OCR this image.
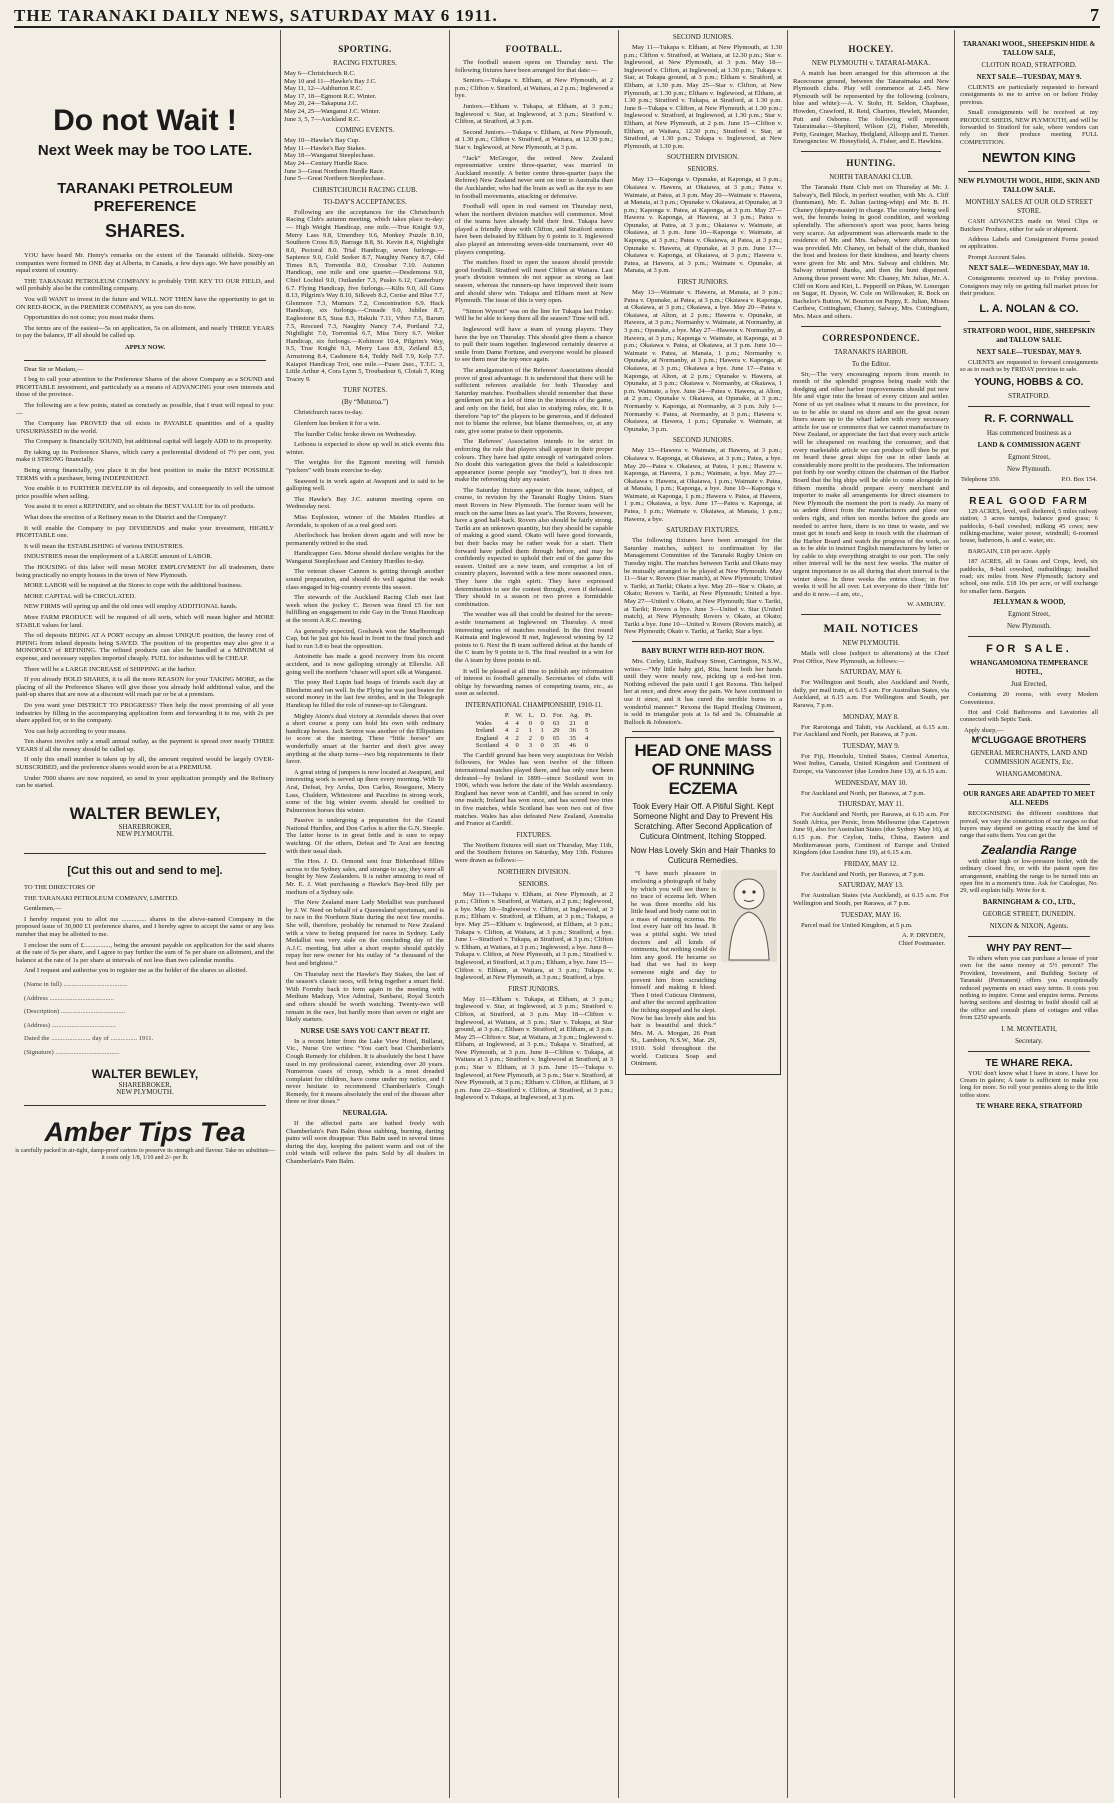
THE TARANAKI DAILY NEWS, SATURDAY MAY 6 1911.	7
Do not Wait !
Next Week may be TOO LATE.
TARANAKI PETROLEUM PREFERENCE
SHARES.

YOU have heard Mr. Henry's remarks on the extent of the Taranaki oilfields. Sixty-one companies were formed in ONE day at Alberta, in Canada, a few days ago. We have possibly an equal extent of country.

THE TARANAKI PETROLEUM COMPANY is probably THE KEY TO OUR FIELD, and will probably also be the controlling company.

You will WANT to invest in the future and WILL NOT THEN have the opportunity to get in ON RED-ROCK, in the PREMIER COMPANY, as you can do now.

Opportunities do not come; you must make them.

The terms are of the easiest—5s on application, 5s on allotment, and nearly THREE YEARS to pay the balance, IF all should be called up.

APPLY NOW.

Dear Sir or Madam,—

I beg to call your attention to the Preference Shares of the above Company as a SOUND and PROFITABLE investment, and particularly as a means of ADVANCING your own interests and those of the province.

The following are a few points, stated as concisely as possible, that I trust will repeal to you:—

The Company has PROVED that oil exists in PAYABLE quantities and of a quality UNSURPASSED in the world.

The Company is financially SOUND, but additional capital will largely ADD to its prosperity.

By taking up its Preference Shares, which carry a preferential dividend of 7½ per cent, you make it STRONG financially.

Being strong financially, you place it in the best position to make the BEST POSSIBLE TERMS with a purchaser, being INDEPENDENT.

You enable it to FURTHER DEVELOP its oil deposits, and consequently to sell the utmost price possible when selling.

You assist it to erect a REFINERY, and so obtain the BEST VALUE for its oil products.

What does the erection of a Refinery mean to the District and the Company?

It will enable the Company to pay DIVIDENDS and make your investment, HIGHLY PROFITABLE one.

It will mean the ESTABLISHING of various INDUSTRIES.

INDUSTRIES mean the employment of a LARGE amount of LABOR.

The HOUSING of this labor will mean MORE EMPLOYMENT for all tradesmen, there being practically no empty houses in the town of New Plymouth.

MORE LABOR will be required at the Stores to cope with the additional business.

MORE CAPITAL will be CIRCULATED.

NEW FIRMS will spring up and the old ones will employ ADDITIONAL hands.

More FARM PRODUCE will be required of all sorts, which will mean higher and MORE STABLE values for land.

The oil deposits BEING AT A PORT occupy an almost UNIQUE position, the heavy cost of PIPING from inland deposits being SAVED. The position of its properties may also give it a MONOPOLY of REFINING. The refined products can also be handled at a MINIMUM of expense, and necessary supplies imported cheaply. FUEL for industries will be CHEAP.

There will be a LARGE INCREASE of SHIPPING at the harbor.

If you already HOLD SHARES, it is all the more REASON for your TAKING MORE, as the placing of all the Preference Shares will give those you already hold additional value, and the paid-up shares that are now at a discount will reach par or be at a premium.

Do you want your DISTRICT TO PROGRESS? Then help the most promising of all your industries by filling in the accompanying application form and forwarding it to me, with 2s per share applied for, or to the company.

You can help according to your means.

Ten shares involve only a small annual outlay, as the payment is spread over nearly THREE YEARS if all the money should be called up.

If only this small number is taken up by all, the amount required would be largely OVER-SUBSCRIBED, and the preference shares would soon be at a PREMIUM.

Under 7000 shares are now required, so send in your application promptly and the Refinery can be started.

WALTER BEWLEY,
SHAREBROKER,
NEW PLYMOUTH.
[Cut this out and send to me].

TO THE DIRECTORS OF

THE TARANAKI PETROLEUM COMPANY, LIMITED.

Gentlemen,—

I hereby request you to allot me ............... shares in the above-named Company in the proposed issue of 30,000 £1 preference shares, and I hereby agree to accept the same or any less number that may be allotted to me.

I enclose the sum of £................, being the amount payable on application for the said shares at the rate of 5s per share, and I agree to pay further the sum of 5s per share on allotment, and the balance at the rate of 1s per share at intervals of not less than two calendar months.

And I request and authorise you to register me as the holder of the shares so allotted.

(Name in full) .......................................

(Address .......................................

(Description) .......................................

(Address) .......................................

Dated the ........................ day of ................ 1911.

(Signature) .......................................

WALTER BEWLEY,
SHAREBROKER,
NEW PLYMOUTH.
Amber Tips Tea
is carefully packed in air-tight, damp-proof cartons to preserve its strength and flavour. Take no substitute—it costs only 1/8, 1/10 and 2/- per lb.
SPORTING.
RACING FIXTURES.
May 6—Christchurch R.C.
May 10 and 11—Hawke's Bay J.C.
May 11, 12—Ashburton R.C.
May 17, 18—Egmont R.C. Winter.
May 20, 24—Takapuna J.C.
May 24, 25—Wanganui J.C. Winter.
June 3, 5, 7—Auckland R.C.
COMING EVENTS.
May 10—Hawke's Bay Cup.
May 11—Hawke's Bay Stakes.
May 18—Wanganui Steeplechase.
May 24—Century Hurdle Race.
June 3—Great Northern Hurdle Race.
June 5—Great Northern Steeplechase.
CHRISTCHURCH RACING CLUB.
TO-DAY'S ACCEPTANCES.

Following are the acceptances for the Christchurch Racing Club's autumn meeting, which takes place to-day:— High Weight Handicap, one mile.—True Knight 9.9, Merry Lass 9.8, Umentbey 9.6, Monkey Puzzle 8.10, Southern Cross 8.9, Barrage 8.8, St. Kevin 8.4, Nightlight 8.0, Pectoral 8.0. Trial Handicap, seven furlongs.—Sapience 9.0, Cold Seeker 8.7, Naughty Nancy 8.7, Old Times 8.5, Torrentila 8.0, Crossbar 7.10. Autumn Handicap, one mile and one quarter.—Desdemona 9.0, Chief Lochiel 9.0, Outlander 7.3, Pusko 6.12, Canterbury 6.7. Flying Handicap, five furlongs.—Kilts 9.0, All Guns 8.13, Pilgrim's Way 8.10, Silkweb 8.2, Cerise and Blue 7.7, Glenmore 7.3, Mumurs 7.2, Concentration 6.9. Hack Handicap, six furlongs.—Crusade 9.0, Jubilee 8.7, Eaglestone 8.5, Susa 8.3, Hakulu 7.11, Vibro 7.5, Barum 7.5, Rescued 7.3, Naughty Nancy 7.4, Portland 7.2, Nightlight 7.0, Torrential 6.7, Miss Terry 6.7. Welter Handicap, six furlongs.—Kohinoor 10.4, Pilgrim's Way, 9.5, True Knight 9.3, Merry Lass 8.9, Zeiland 8.5, Armstrong 8.4, Cashmere 8.4, Teddy Nell 7.9, Kelp 7.7. Kaiapoi Handicap Trot, one mile.—Fusee 2sec., T.T.C. 3, Little Arthur 4, Cora Lynn 5, Troubadour 6, Clotah 7, King Tracey 9.

TURF NOTES.
(By “Muturoa.”)

Christchurch races to-day.

Glenfern has broken it for a win.

The hurdler Celtic broke down on Wednesday.

Leibonu is expected to show up well in stick events this winter.

The weights for the Egmont meeting will furnish “pickers” with brain exercise to-day.

Seaweed is in work again at Awapuni and is said to be galloping well.

The Hawke's Bay J.C. autumn meeting opens on Wednesday next.

Miss Explosion, winner of the Maiden Hurdles at Avondale, is spoken of as a real good sort.

Aberlochock has broken down again and will now be permanently retired to the stud.

Handicapper Geo. Morse should declare weights for the Wanganui Steeplechase and Century Hurdles to-day.

The veteran chaser Cannon is getting through another sound preparation, and should do well against the weak class engaged in big-country events this season.

The stewards of the Auckland Racing Club met last week when the jockey C. Brown was fined £5 for not fulfilling an engagement to ride Gay in the Tonui Handicap at the recent A.R.C. meeting.

As generally expected, Goshawk won the Marlborough Cup, but he just got his head in front in the final pinch and had to run 3.8 to beat the opposition.

Antoinette has made a good recovery from his recent accident, and is now galloping strongly at Ellerslie. All going well the northern ‘chaser will sport silk at Wanganui.

The pony Red Lupin had heaps of friends each day at Blenheim and ran well. In the Flying he was just beaten for second money in the last few strides, and in the Telegraph Handicap he filled the role of runner-up to Glengrant.

Mighty Atom's dual victory at Avondale shows that over a short course a pony can hold his own with ordinary handicap horses. Jack Sexton was another of the Ellipsitans to score at the meeting. These “little horses” are wonderfully smart at the barrier and don't give away anything at the sharp turns—two big requirements in their favor.

A great string of jumpers is now located at Awapuni, and interesting work is served up there every morning. With Te Arai, Defeat, Ivy Aroha, Don Carlos, Roseguere, Merry Lass, Chaldern, Whitestone and Pacelino in strong work, some of the big winter events should be credited to Palmerston horses this winter.

Passive is undergoing a preparation for the Grand National Hurdles, and Don Carlos is after the G.N. Steeple. The latter horse is in great fettle and is sure to repay watching. Of the others, Defeat and Te Arai are fencing with their usual dash.

The Hon. J. D. Ormond sent four Birkenhead fillies across to the Sydney sales, and strange to say, they were all bought by New Zealanders. It is rather amusing to read of Mr. E. J. Watt purchasing a Hawke's Bay-bred filly per medium of a Sydney sale.

The New Zealand mare Lady Medallist was purchased by J. W. Need on behalf of a Queensland sportsman, and is to race in the Northern State during the next few months. She will, therefore, probably be returned to New Zealand with a view to being prepared for races in Sydney. Lady Medallist was very stale on the concluding day of the A.J.C. meeting, but after a short respite should quickly repay her new owner for his outlay of “a thousand of the best and brightest.”

On Thursday next the Hawke's Bay Stakes, the last of the season's classic races, will bring together a smart field. With Formby back to form again in the meeting with Medium Madcap, Vice Admiral, Sunbarst, Royal Scotch and others should be worth watching. Twenty-two will remain in the race, but hardly more than seven or eight are likely starters.

NURSE USE SAYS YOU CAN'T BEAT IT.

In a recent letter from the Lake View Hotel, Bullarat, Vic., Nurse Ure writes: “You can't beat Chamberlain's Cough Remedy for children. It is absolutely the best I have used in my professional career, extending over 20 years. Numerous cases of croup, which is a most dreaded complaint for children, have come under my notice, and I never hesitate to recommend Chamberlain's Cough Remedy, for it means absolutely the end of the disease after three or four doses.”

NEURALGIA.

If the affected parts are bathed freely with Chamberlain's Pain Balm those stabbing, burning, darting pains will soon disappear. This Balm used in several times during the day, keeping the patient warm and out of the cold winds will relieve the pain. Sold by all dealers in Chamberlain's Pain Balm.

FOOTBALL.

The football season opens on Thursday next. The following fixtures have been arranged for that date:—

Seniors.—Tukapa v. Eltham, at New Plymouth, at 2 p.m.; Clifton v. Stratford, at Waitara, at 2 p.m.; Inglewood a bye.

Juniors.—Eltham v. Tukapa, at Eltham, at 3 p.m.; Inglewood v. Star, at Inglewood, at 3 p.m.; Stratford v. Clifton, at Stratford, at 3 p.m.

Second Juniors.—Tukapa v. Eltham, at New Plymouth, at 1.30 p.m.; Clifton v. Stratford, at Waitara, at 12.30 p.m.; Star v. Inglewood, at New Plymouth, at 3 p.m.

“Jack” McGregor, the retired New Zealand representative centre three-quarter, was married in Auckland recently. A better centre three-quarter (says the Referee) New Zealand never sent on tour to Australia than the Aucklander, who had the brain as well as the eye to see in football movements, attacking or defensive.

Football will open in real earnest on Thursday next, when the northern division matches will commence. Most of the teams have already held their first. Tukapa have played a friendly draw with Clifton, and Stratford seniors have been defeated by Eltham by 6 points to 3. Inglewood also played an interesting seven-side tournament, over 40 players competing.

The matches fixed to open the season should provide good football. Stratford will meet Clifton at Waitara. Last year's division winners do not appear as strong as last season, whereas the runners-up have improved their team and should show win. Tukapa and Eltham meet at New Plymouth. The issue of this is very open.

“Simon Wynott” was on the line for Tukapa last Friday. Will he be able to keep there all the season? Time will tell.

Inglewood will have a team of young players. They have the bye on Thursday. This should give them a chance to pull their team together. Inglewood certainly deserve a smile from Dame Fortune, and everyone would be pleased to see them near the top once again.

The amalgamation of the Referees' Associations should prove of great advantage. It is understood that there will be sufficient referees available for both Thursday and Saturday matches. Footballers should remember that these gentlemen put in a lot of time in the interests of the game, and only on the field, but also in studying rules, etc. It is therefore “up to” the players to be generous, and if defeated not to blame the referee, but blame themselves, or, at any rate, give some praise to their opponents.

The Referees' Association intends to be strict in enforcing the rule that players shall appear in their proper colours. They have had quite enough of variegated colors. No doubt this variegation gives the field a kaleidoscopic appearance (some people say “motley”), but it does not make the refereeing duty any easier.

The Saturday fixtures appear in this issue, subject, of course, to revision by the Taranaki Rugby Union. Stars meet Rovers in New Plymouth. The former team will be much on the same lines as last year's. The Rovers, however, have a good half-back. Rovers also should be fairly strong. Tariki are an unknown quantity, but they should be capable of making a good stand. Okato will have good forwards, but their backs may be rather weak for a start. Their forward have pulled them through before, and may be confidently expected to uphold their end of the game this season. United are a new team, and comprise a lot of country players, leavened with a few more seasoned ones. They have the right spirit. They have expressed determination to see the contest through, even if defeated. They should in a season or two prove a formidable combination.

The weather was all that could be desired for the seven-a-side tournament at Inglewood on Thursday. A most interesting series of matches resulted. In the first round Kaimata and Inglewood B met, Inglewood winning by 12 points to 6. Next the B team suffered defeat at the hands of the C team by 9 points to 6. The final resulted in a win for the A team by three points to nil.

It will be pleased at all time to publish any information of interest to football generally. Secretaries of clubs will oblige by forwarding names of competing teams, etc., as soon as selected.

INTERNATIONAL CHAMPIONSHIP, 1910-11.
	P.	W.	L.	D.	For.	Ag.	Pt.
Wales	4	4	0	0	63	21	8
Ireland	4	2	1	1	29	36	5
England	4	2	2	0	65	35	4
Scotland	4	0	3	0	35	46	0

The Cardiff ground has been very auspicious for Welsh followers, for Wales has won twelve of the fifteen international matches played there, and has only once been defeated—by Ireland in 1899—since Scotland won in 1906, which was before the date of the Welsh ascendancy. England has never won at Cardiff, and has scored in only one match; Ireland has won once, and has scored two tries in five matches, while Scotland has won two out of five matches. Wales has also defeated New Zealand, Australia and France at Cardiff.

FIXTURES.

The Northern fixtures will start on Thursday, May 11th, and the Southern fixtures on Saturday, May 13th. Fixtures were drawn as follows:—

NORTHERN DIVISION.
SENIORS.

May 11—Tukapa v. Eltham, at New Plymouth, at 2 p.m.; Clifton v. Stratford, at Waitara, at 2 p.m.; Inglewood, a bye. May 18—Inglewood v. Clifton, at Inglewood, at 3 p.m.; Eltham v. Stratford, at Eltham, at 3 p.m.; Tukapa, a bye. May 25—Eltham v. Inglewood, at Eltham, at 3 p.m.; Tukapa v. Clifton, at Waitara, at 3 p.m.; Stratford, a bye. June 1—Stratford v. Tukapa, at Stratford, at 3 p.m.; Clifton v. Eltham, at Waitara, at 3 p.m.; Inglewood, a bye. June 8—Tukapa v. Clifton, at New Plymouth, at 3 p.m.; Stratford v. Inglewood, at Stratford, at 3 p.m.; Eltham, a bye. June 15—Clifton v. Eltham, at Waitara, at 3 p.m.; Tukapa v. Inglewood, at New Plymouth, at 3 p.m.; Stratford, a bye.

FIRST JUNIORS.

May 11—Eltham v. Tukapa, at Eltham, at 3 p.m.; Inglewood v. Star, at Inglewood, at 3 p.m.; Stratford v. Clifton, at Stratford, at 3 p.m. May 18—Clifton v. Inglewood, at Waitara, at 3 p.m.; Star v. Tukapa, at Star ground, at 3 p.m.; Eltham v. Stratford, at Eltham, at 3 p.m. May 25—Clifton v. Star, at Waitara, at 3 p.m.; Inglewood v. Eltham, at Inglewood, at 3 p.m.; Tukapa v. Stratford, at New Plymouth, at 3 p.m. June 8—Clifton v. Tukapa, at Waitara at 3 p.m.; Stratford v. Inglewood at Stratford, at 3 p.m.; Star v. Eltham, at 3 p.m. June 15—Tukapa v. Inglewood, at New Plymouth, at 3 p.m.; Star v. Stratford, at New Plymouth, at 3 p.m.; Eltham v. Clifton, at Eltham, at 3 p.m. June 22—Stratford v. Clifton, at Stratford, at 3 p.m.; Inglewood v. Tukapa, at Inglewood, at 3 p.m.

SECOND JUNIORS.

May 11—Tukapa v. Eltham, at New Plymouth, at 1.30 p.m.; Clifton v. Stratford, at Waitara, at 12.30 p.m.; Star v. Inglewood, at New Plymouth, at 3 p.m. May 18—Inglewood v. Clifton, at Inglewood, at 1.30 p.m.; Tukapa v. Star, at Tukapa ground, at 3 p.m.; Eltham v. Stratford, at Eltham, at 1.30 p.m. May 25—Star v. Clifton, at New Plymouth, at 1.30 p.m.; Eltham v. Inglewood, at Eltham, at 1.30 p.m.; Stratford v. Tukapa, at Stratford, at 1.30 p.m. June 8—Tukapa v. Clifton, at New Plymouth, at 1.30 p.m.; Inglewood v. Stratford, at Inglewood, at 1.30 p.m.; Star v. Eltham, at New Plymouth, at 2 p.m. June 15—Clifton v. Eltham, at Waitara, 12.30 p.m.; Stratford v. Star, at Stratford, at 1.30 p.m.; Tukapa v. Inglewood, at New Plymouth, at 1.30 p.m.

SOUTHERN DIVISION.
SENIORS.

May 13—Kaponga v. Opunake, at Kaponga, at 3 p.m.; Okaiawa v. Hawera, at Okaiawa, at 3 p.m.; Patea v. Waimate, at Patea, at 3 p.m. May 20—Waimate v. Hawera, at Manaia, at 3 p.m.; Opunake v. Okaiawa, at Opunake, at 3 p.m.; Kaponga v. Patea, at Kaponga, at 3 p.m. May 27—Hawera v. Kaponga, at Hawera, at 3 p.m.; Patea v. Opunake, at Patea, at 3 p.m.; Okaiawa v. Waimate, at Okaiawa, at 3 p.m. June 10—Kaponga v. Waimate, at Kaponga, at 3 p.m.; Patea v. Okaiawa, at Patea, at 3 p.m.; Opunake v. Hawera, at Opunake, at 3 p.m. June 17—Okaiawa v. Kaponga, at Okaiawa, at 3 p.m.; Hawera v. Patea, at Hawera, at 3 p.m.; Waimate v. Opunake, at Manaia, at 3 p.m.

FIRST JUNIORS.

May 13—Waimate v. Hawera, at Manaia, at 3 p.m.; Patea v. Opunake, at Patea, at 3 p.m.; Okaiawa v. Kaponga, at Okaiawa, at 3 p.m.; Okaiawa, a bye. May 20—Patea v. Okaiawa, at Alton, at 2 p.m.; Hawera v. Opunake, at Hawera, at 3 p.m.; Normanby v. Waimate, at Normanby, at 3 p.m.; Opunake, a bye. May 27—Hawera v. Normanby, at Hawera, at 3 p.m.; Kaponga v. Waimate, at Kaponga, at 3 p.m.; Okaiawa v. Patea, at Okaiawa, at 3 p.m. June 10—Waimate v. Patea, at Manaia, 1 p.m.; Normanby v. Opunake, at Normanby, at 3 p.m.; Hawera v. Kaponga, at Okaiawa, at 3 p.m.; Okaiawa a bye. June 17—Patea v. Kaponga, at Alton, at 2 p.m.; Opunake v. Hawera, at Opunake, at 3 p.m.; Okaiawa v. Normanby, at Okaiawa, 1 p.m. Waimate, a bye. June 24—Patea v. Hawera, at Alton, at 2 p.m.; Opunake v. Okaiawa, at Opunake, at 3 p.m.; Normanby v. Kaponga, at Normanby, at 3 p.m. July 1—Normanby v. Patea, at Normanby, at 3 p.m.; Hawera v. Okaiawa, at Hawera, 1 p.m.; Opunake v. Waimate, at Opunake, 3 p.m.

SECOND JUNIORS.

May 13—Hawera v. Waimate, at Hawera, at 3 p.m.; Okaiawa v. Kaponga, at Okaiawa, at 3 p.m.; Patea, a bye. May 20—Patea v. Okaiawa, at Patea, 1 p.m.; Hawera v. Kaponga, at Hawera, 1 p.m.; Waimate, a bye. May 27—Okaiawa v. Hawera, at Okaiawa, 1 p.m.; Waimate v. Patea, at Manaia, 1 p.m.; Kaponga, a bye. June 10—Kaponga v. Waimate, at Kaponga, 1 p.m.; Hawera v. Patea, at Hawera, 1 p.m.; Okaiawa, a bye. June 17—Patea v. Kaponga, at Patea, 1 p.m.; Waimate v. Okaiawa, at Manaia, 1 p.m.; Hawera, a bye.

SATURDAY FIXTURES.

The following fixtures have been arranged for the Saturday matches, subject to confirmation by the Management Committee of the Taranaki Rugby Union on Tuesday night. The matches between Tariki and Okato may be mutually arranged to be played at New Plymouth. May 11—Star v. Rovers (Star match), at New Plymouth; United v. Tariki, at Tariki; Okato a bye. May 20—Star v. Okato, at Okato; Rovers v. Tariki, at New Plymouth; United a bye. May 27—United v. Okato, at New Plymouth; Star v. Tariki, at Tariki; Rovers a bye. June 3—United v. Star (United match), at New Plymouth; Rovers v. Okato, at Okato; Tariki a bye. June 10—United v. Rovers (Rovers match), at New Plymouth; Okato v. Tariki, at Tariki; Star a bye.

BABY BURNT WITH RED-HOT IRON.

Mrs. Corley, Little, Railway Street, Carrington, N.S.W., writes:—“My little baby girl, Rita, burnt both her hands until they were nearly raw, picking up a red-hot iron. Nothing relieved the pain until I got Rexona. This helped her at once, and drew away the pain. We have continued to use it since, and it has cured the terrible burns in a wonderful manner.” Rexona the Rapid Healing Ointment, is sold in triangular pots at 1s 6d and 3s. Obtainable at Bullock & Johnston's.

HEAD ONE MASS OF RUNNING ECZEMA
Took Every Hair Off. A Pitiful Sight. Kept Someone Night and Day to Prevent His Scratching. After Second Application of Cuticura Ointment, Itching Stopped.
Now Has Lovely Skin and Hair Thanks to Cuticura Remedies.

“I have much pleasure in enclosing a photograph of baby by which you will see there is no trace of eczema left. When he was three months old his little head and body came out in a mass of running eczema. He lost every hair off his head. It was a pitiful sight. We tried doctors and all kinds of ointments, but nothing could do him any good. He became so bad that we had to keep someone night and day to prevent him from scratching himself and making it bleed. Then I tried Cuticura Ointment, and after the second application the itching stopped and he slept. Now he has lovely skin and his hair is beautiful and thick.” Mrs. M. A. Morgan, 26 Pratt St., Lambton, N.S.W., Mar. 29, 1910. Sold throughout the world. Cuticura Soap and Ointment.

HOCKEY.
NEW PLYMOUTH v. TATARAI-MAKA.

A match has been arranged for this afternoon at the Racecourse ground, between the Tataraimaka and New Plymouth clubs. Play will commence at 2.45. New Plymouth will be represented by the following (colours, blue and white):—A. V. Stohr, H. Seldon, Chapbase, Howden, Crawford, R. Reid, Chartres, Hewlett, Maunder, Putt and Osborne. The following will represent Tataraimaka:—Shepherd, Wilson (2), Fisher, Meredith, Petty, Grainger, Mackay, Hedgland, Allsopp and E. Turner. Emergencies: W. Honeyfield, A. Fisher, and E. Hawkins.

HUNTING.
NORTH TARANAKI CLUB.

The Taranaki Hunt Club met on Thursday at Mr. J. Salway's, Bell Block, in perfect weather, with Mr. A. Cliff (huntsman), Mr. E. Julian (acting-whip) and Mr. B. H. Chaney (deputy-master) in charge. The country being well wet, the hounds being in good condition, and working splendidly. The afternoon's sport was poor, hares being very scarce. An adjournment was afterwards made to the residence of Mr. and Mrs. Salway, where afternoon tea was provided. Mr. Chaney, on behalf of the club, thanked the host and hostess for their kindness, and hearty cheers were given for Mr. and Mrs. Salway and children. Mr. Salway returned thanks, and then the hunt dispersed. Among those present were: Mr. Chaney, Mr. Julian, Mr. A. Cliff on Koru and Kiri, L. Pepperill on Pikau, W. Lonergan on Sugar, H. Dyson, W. Cole on Willowaker, R. Bock on Bachelor's Button, W. Bourton on Puppy, E. Julian, Misses Carthew, Cottingham, Chaney, Salway, Mrs. Cottingham, Mrs. Mace and others.

CORRESPONDENCE.
TARANAKI'S HARBOR.
To the Editor.

Sir,—The very encouraging reports from month to month of the splendid progress being made with the dredging and other harbor improvements should put new life and vigor into the breast of every citizen and settler. None of us yet realises what it means to the province, for us to be able to stand on shore and see the great ocean liners steam up to the wharf laden with every necessary article for use or commerce that we cannot manufacture in New Zealand, or appreciate the fact that every such article will be cheapened on reaching the consumer, and that every marketable article we can produce will then be put on board these great ships for use in other lands at considerably more profit to the producers. The information put forth by our worthy citizen the chairman of the Harbor Board that the big ships will be able to come alongside in fifteen months should prepare every merchant and importer to make all arrangements for direct steamers to New Plymouth the moment the port is ready. As many of us ardent direct from the manufacturers and place our orders right, and often ten months before the goods are needed to arrive here, there is no time to waste, and we must get in touch and keep in touch with the chairman of the Harbor Board and watch the progress of the work, so as to be able to instruct English manufacturers by letter or by cable to ship everything straight to our port. The only other interval will be the next few weeks. The matter of urgent importance to us all during that short interval is the winter show. In three weeks the entries close; in five weeks it will be all over. Let everyone do their ‘little bit’ and do it now.—I am, etc.,

W. AMBURY.
MAIL NOTICES
NEW PLYMOUTH.

Mails will close (subject to alterations) at the Chief Post Office, New Plymouth, as follows:—

SATURDAY, MAY 6.

For Wellington and South, also Auckland and North, daily, per mail train, at 6.15 a.m. For Australian States, via Auckland, at 6.15 a.m. For Wellington and South, per Rarawa, 7 p.m.

MONDAY, MAY 8.

For Rarotonga and Tahiti, via Auckland, at 6.15 a.m. For Auckland and North, per Rarawa, at 7 p.m.

TUESDAY, MAY 9.

For Fiji, Honolulu, United States, Central America, West Indies, Canada, United Kingdom and Continent of Europe, via Vancouver (due London June 13), at 6.15 a.m.

WEDNESDAY, MAY 10.

For Auckland and North, per Rarawa, at 7 p.m.

THURSDAY, MAY 11.

For Auckland and North, per Rarawa, at 6.15 a.m. For South Africa, per Persic, from Melbourne (due Capetown June 9), also for Australian States (due Sydney May 16), at 6.15 p.m. For Ceylon, India, China, Eastern and Mediterranean ports, Continent of Europe and United Kingdom (due London June 19), at 6.15 a.m.

FRIDAY, MAY 12.

For Auckland and North, per Rarawa, at 7 p.m.

SATURDAY, MAY 13.

For Australian States (via Auckland), at 6.15 a.m. For Wellington and South, per Rarawa, at 7 p.m.

TUESDAY, MAY 16.

Parcel mail for United Kingdom, at 5 p.m.

A. P. DRYDEN,
Chief Postmaster.
TARANAKI WOOL, SHEEPSKIN HIDE & TALLOW SALE,
CLOTON ROAD, STRATFORD.
NEXT SALE—TUESDAY, MAY 9.

CLIENTS are particularly requested to forward consignments to me to arrive on or before Friday previous.

Small consignments will be received at my PRODUCE SHEDS, NEW PLYMOUTH, and will be forwarded to Stratford for sale, where vendors can rely on their produce meeting FULL COMPETITION.

NEWTON KING
NEW PLYMOUTH WOOL, HIDE, SKIN AND TALLOW SALE.
MONTHLY SALES AT OUR OLD STREET STORE.

CASH ADVANCES made on Wool Clips or Butchers' Produce, either for sale or shipment.

Address Labels and Consignment Forms posted on application.

Prompt Account Sales.

NEXT SALE—WEDNESDAY, MAY 10.

Consignments received up to Friday previous. Consignors may rely on getting full market prices for their produce.

L. A. NOLAN & CO.
STRATFORD WOOL, HIDE, SHEEPSKIN and TALLOW SALE.
NEXT SALE—TUESDAY, MAY 9.

CLIENTS are requested to forward consignments so as to reach us by FRIDAY previous to sale.

YOUNG, HOBBS & CO.
STRATFORD.
R. F. CORNWALL
Has commenced business as a
LAND & COMMISSION AGENT
Egmont Street,
New Plymouth.
Telephone 359.	P.O. Box 154.
REAL GOOD FARM

129 ACRES, level, well sheltered, 5 miles railway station; 3 acres turnips, balance good grass; 6 paddocks, 6-bail cowshed; milking 45 cows; new milking-machine, water power, windmill; 6-roomed house, bathroom, h. and c. water, etc.

BARGAIN, £18 per acre. Apply

187 ACRES, all in Grass and Crops, level, six paddocks, 8-bail cowshed, outbuildings; installed road; six miles from New Plymouth; factory and school, one mile. £18 10s per acre, or will exchange for smaller farm. Bargain.

JELLYMAN & WOOD,
Egmont Street,
New Plymouth.
FOR SALE.
WHANGAMOMONA TEMPERANCE HOTEL,
Just Erected,

Containing 20 rooms, with every Modern Convenience.

Hot and Cold Bathrooms and Lavatories all connected with Septic Tank.

Apply sharp,—
M'CLUGGAGE BROTHERS
GENERAL MERCHANTS, LAND AND COMMISSION AGENTS, Etc.
WHANGAMOMONA.
OUR RANGES ARE ADAPTED TO MEET ALL NEEDS

RECOGNISING the different conditions that prevail, we vary the construction of our ranges so that buyers may depend on getting exactly the kind of range that suits them. You can get the

Zealandia Range

with either high or low-pressure boiler, with the ordinary closed fire, or with the patent open fire arrangement, enabling the range to be turned into an open fire in a moment's time. Ask for Catalogue, No. 29, will explain fully. Write for it.

BARNINGHAM & CO., LTD.,
GEORGE STREET, DUNEDIN.
NIXON & NIXON, Agents.
WHY PAY RENT—

To others when you can purchase a house of your own for the same money at 5½ percent? The Provident, Investment, and Building Society of Taranaki (Permanent) offers you exceptionally reduced payments on exact easy terms. It costs you nothing to inquire. Come and enquire terms. Persons having sections and desiring to build should call at the office and consult plans of cottages and villas from £250 upwards.

I. M. MONTEATH,
Secretary.
TE WHARE REKA.

YOU don't know what I have in store. I have Ice Cream in galore; A taste is sufficient to make you long for more. So roll your pennies along to the little toffee store.

TE WHARE REKA, STRATFORD
